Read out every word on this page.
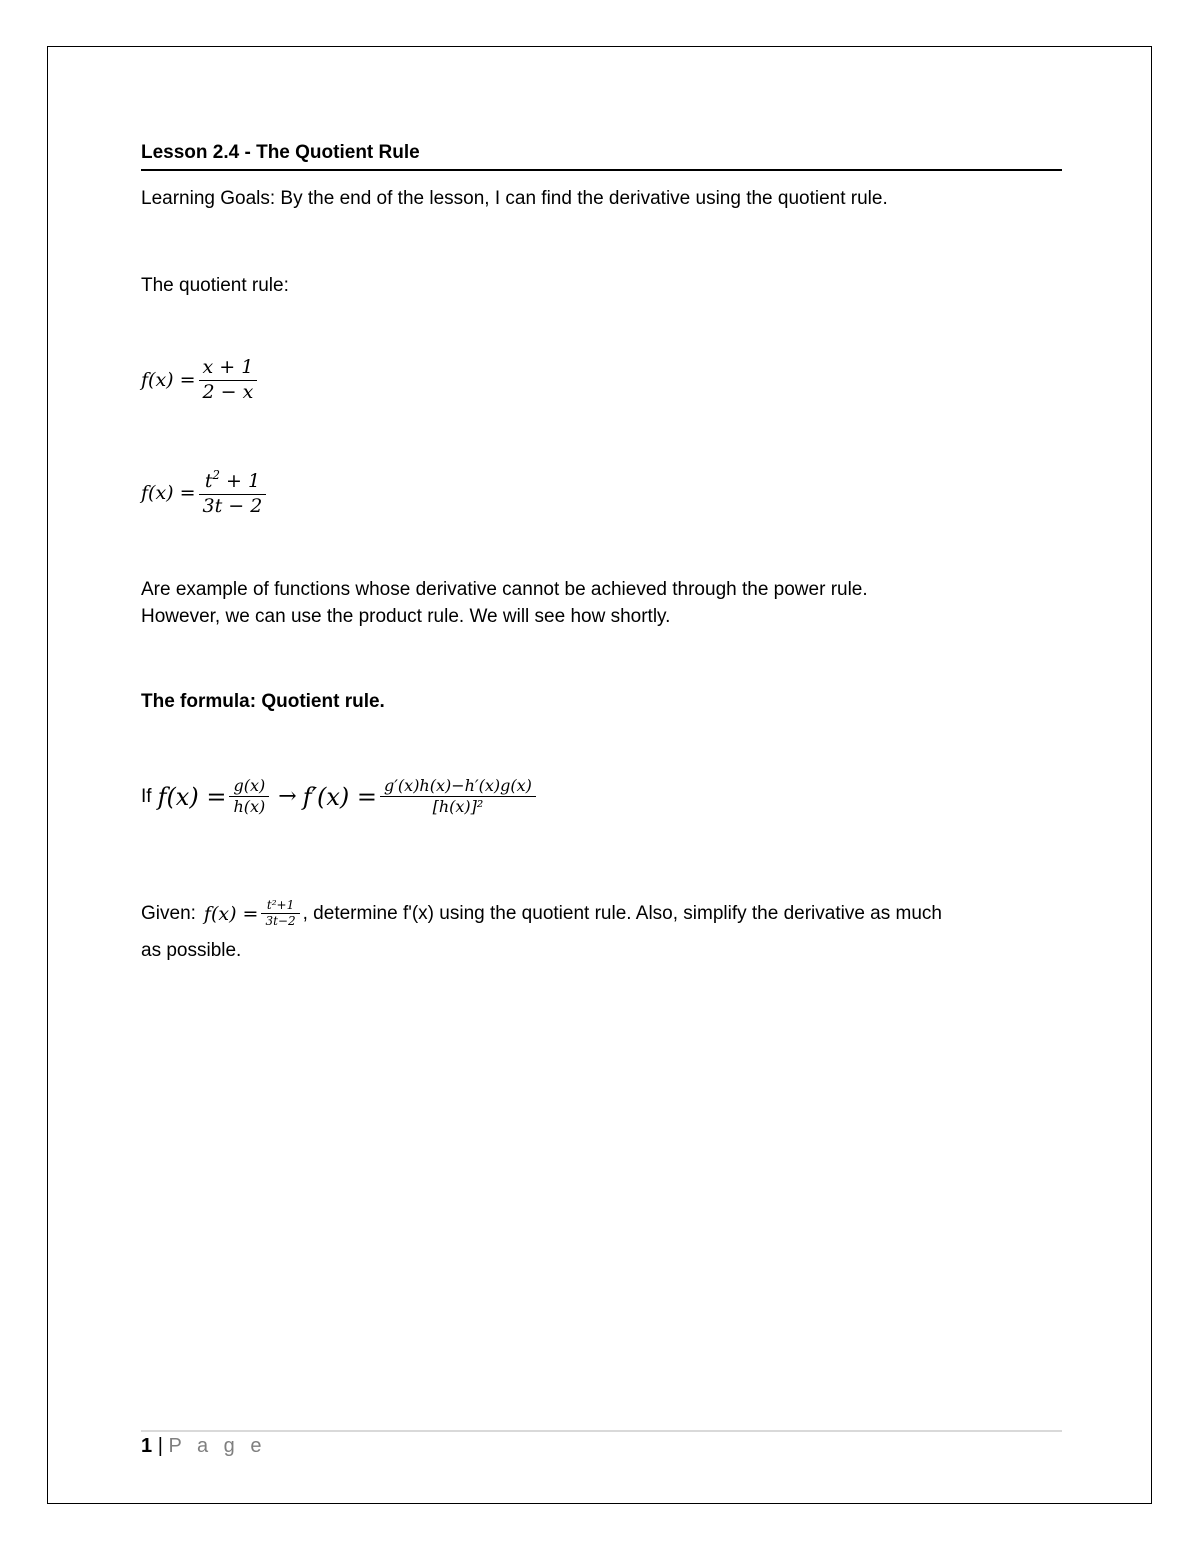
Lesson 2.4 - The Quotient Rule
Learning Goals: By the end of the lesson, I can find the derivative using the quotient rule.
The quotient rule:
$f(x) = \frac{x + 1}{2 - x}$
$f(x) = \frac{t^2 + 1}{3t - 2}$
Are example of functions whose derivative cannot be achieved through the power rule.
However, we can use the product rule. We will see how shortly.
The formula: Quotient rule.
If $f(x) = \frac{g(x)}{h(x)} \to f'(x) = \frac{g'(x)h(x)-h'(x)g(x)}{\text{[h(x)]²}}$
Given: $f(x) = \frac{\text{t²+1}}{3t-2}$ , determine f'(x) using the quotient rule. Also, simplify the derivative as much
as possible.
1 | P a g e
